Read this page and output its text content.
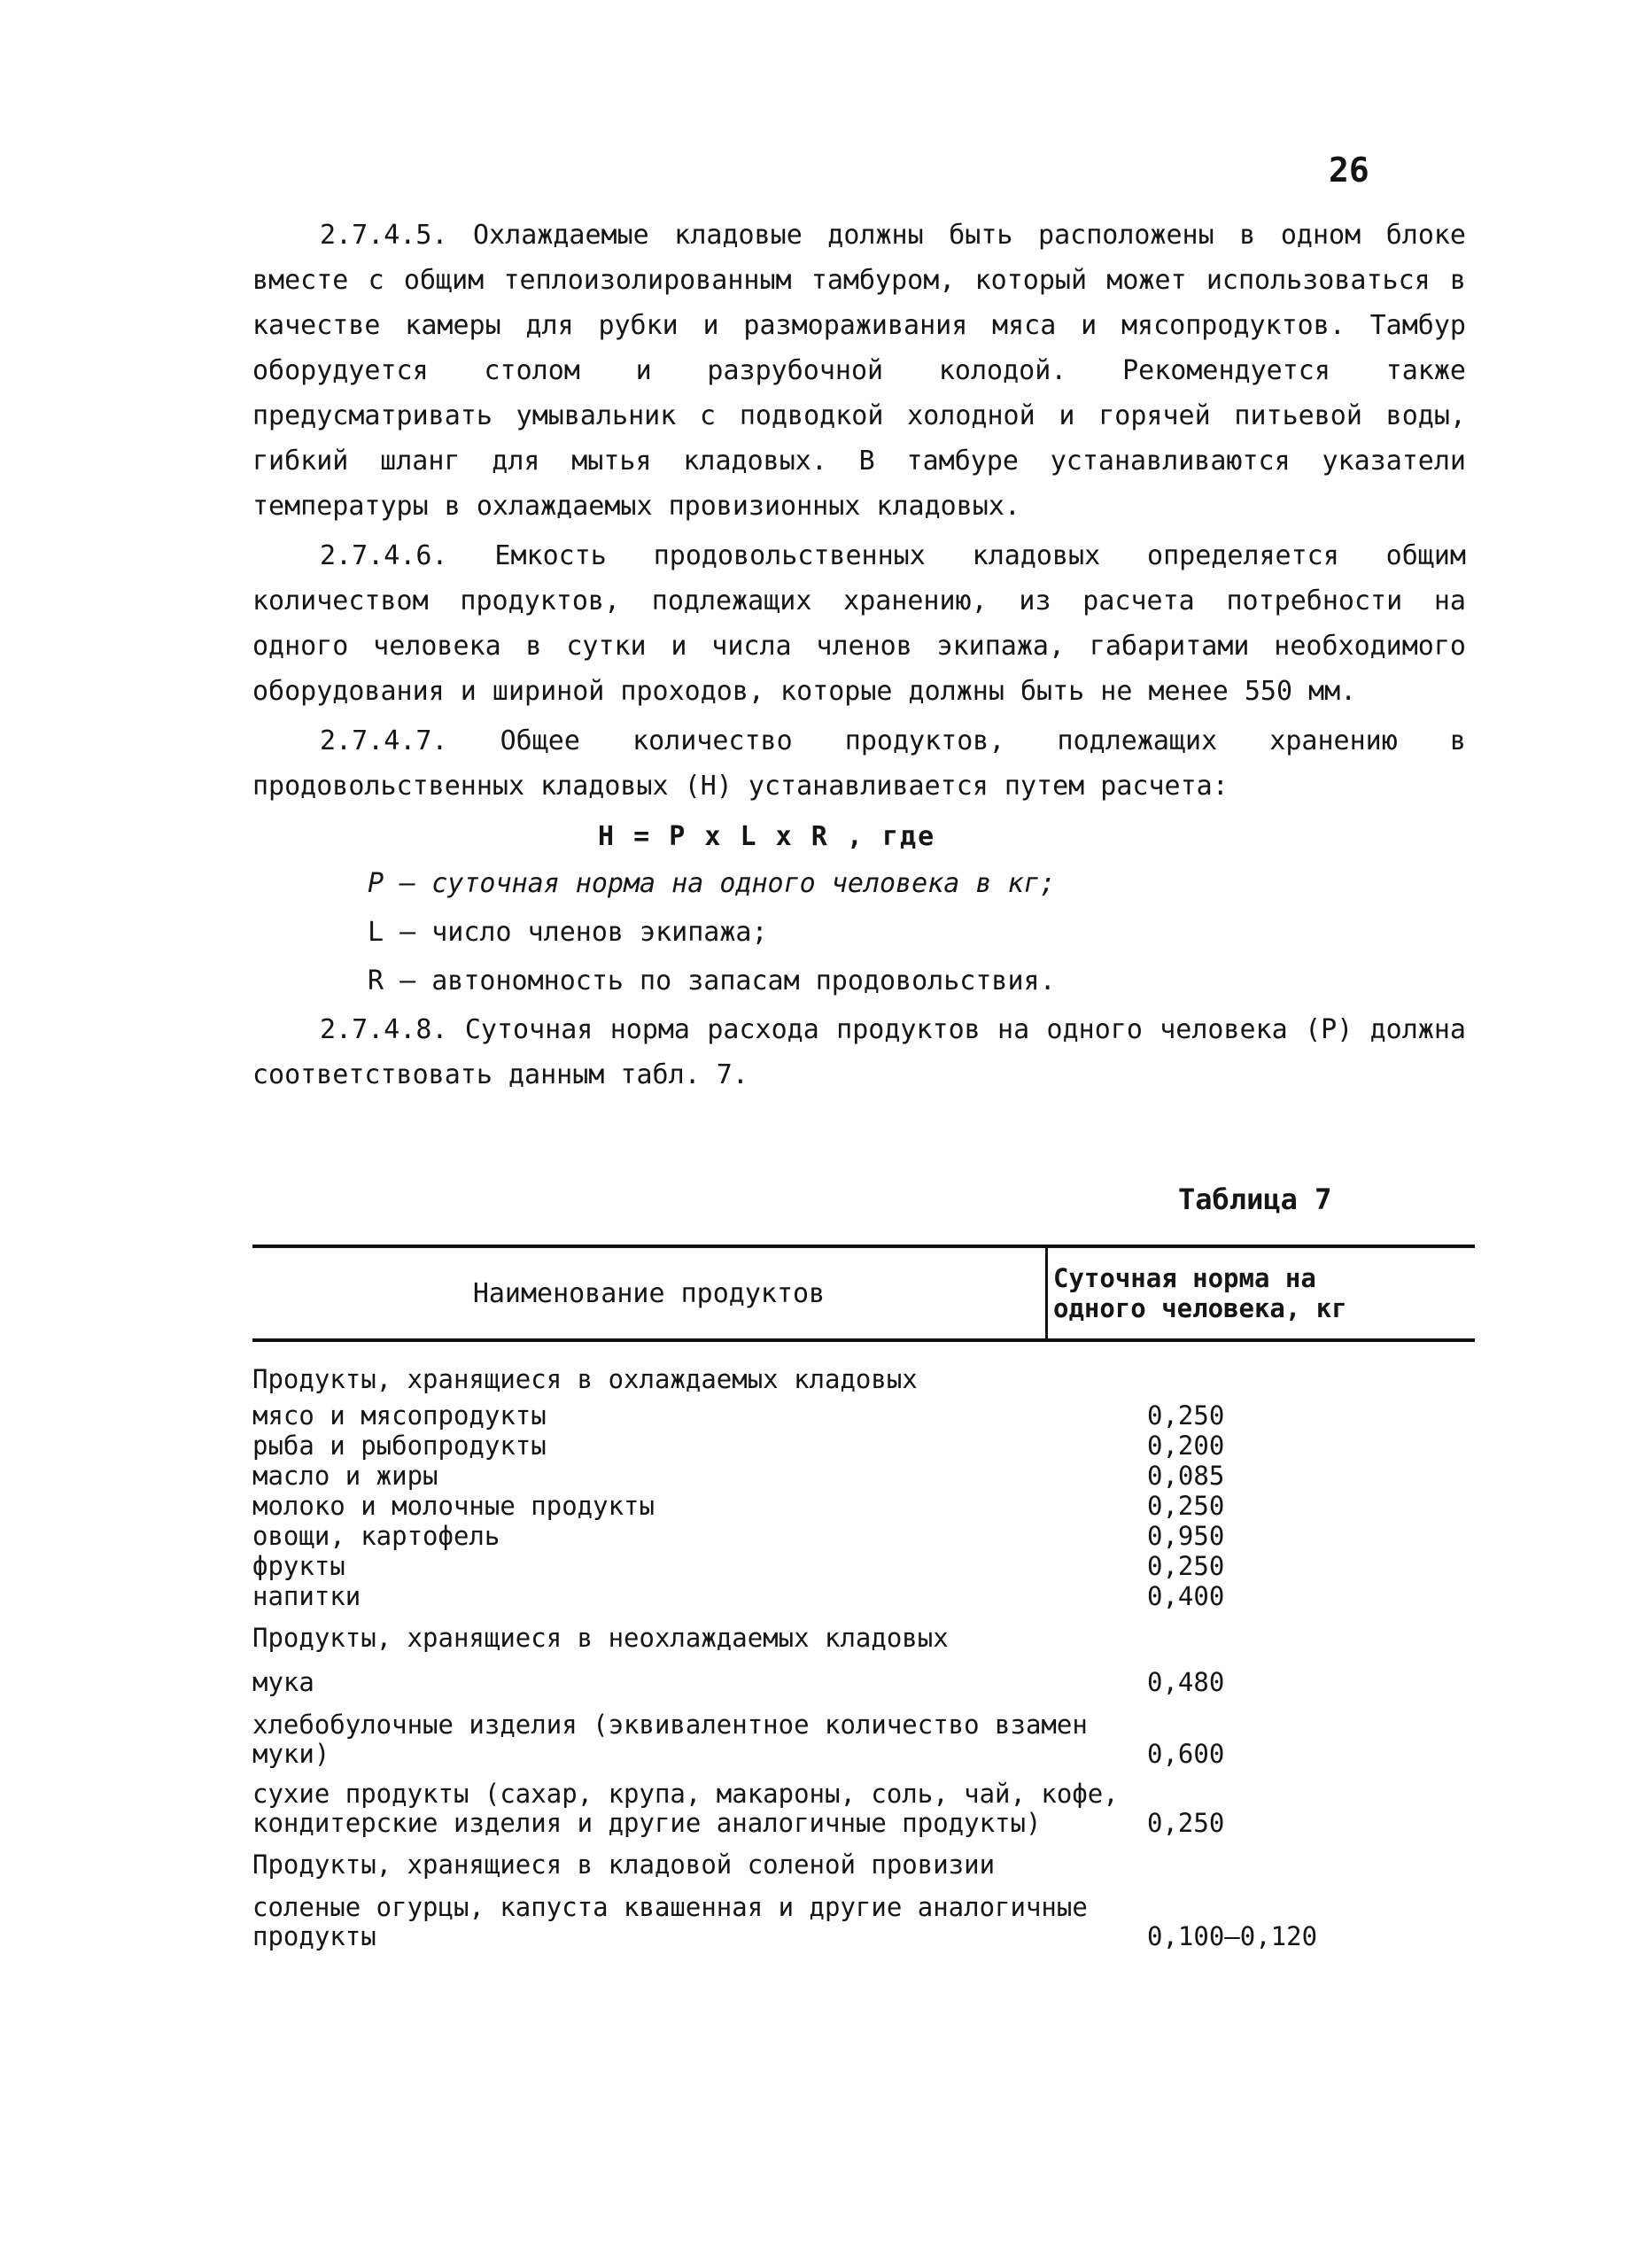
26

2.7.4.5. Охлаждаемые кладовые должны быть расположены в одном блоке вместе с общим теплоизолированным тамбуром, который может использоваться в качестве камеры для рубки и размораживания мяса и мясопродуктов. Тамбур оборудуется столом и разрубочной колодой. Рекомендуется также предусматривать умывальник с подводкой холодной и горячей питьевой воды, гибкий шланг для мытья кладовых. В тамбуре устанавливаются указатели температуры в охлаждаемых провизионных кладовых.

2.7.4.6. Емкость продовольственных кладовых определяется общим количеством продуктов, подлежащих хранению, из расчета потребности на одного человека в сутки и числа членов экипажа, габаритами необходимого оборудования и шириной проходов, которые должны быть не менее 550 мм.

2.7.4.7. Общее количество продуктов, подлежащих хранению в продовольственных кладовых (Н) устанавливается путем расчета:

Н = P x L x R , где
P – суточная норма на одного человека в кг;
L – число членов экипажа;
R – автономность по запасам продовольствия.

2.7.4.8. Суточная норма расхода продуктов на одного человека (P) должна соответствовать данным табл. 7.

Таблица 7
Наименование продуктов	Суточная норма на
одного человека, кг
Продукты, хранящиеся в охлаждаемых кладовых
мясо и мясопродукты	0,250
рыба и рыбопродукты	0,200
масло и жиры	0,085
молоко и молочные продукты	0,250
овощи, картофель	0,950
фрукты	0,250
напитки	0,400
Продукты, хранящиеся в неохлаждаемых кладовых
мука	0,480
хлебобулочные изделия (эквивалентное количество взамен муки)	0,600
сухие продукты (сахар, крупа, макароны, соль, чай, кофе, кондитерские изделия и другие аналогичные продукты)	0,250
Продукты, хранящиеся в кладовой соленой провизии
соленые огурцы, капуста квашенная и другие аналогичные продукты	0,100–0,120
